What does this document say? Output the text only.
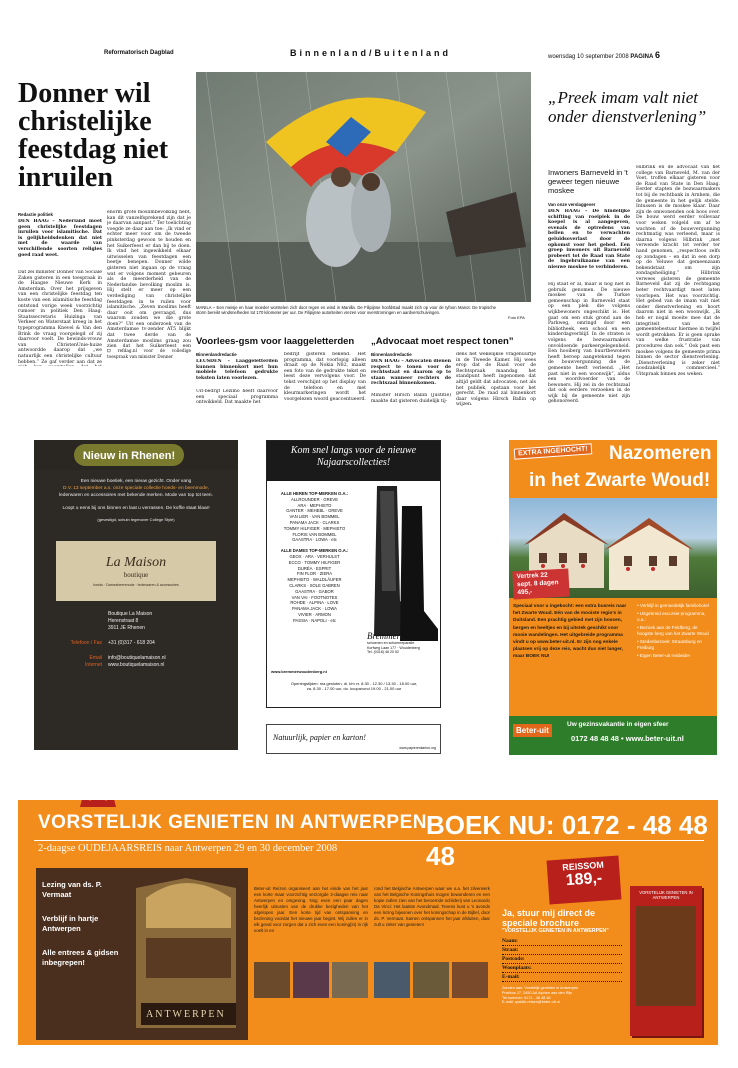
Reformatorisch Dagblad	Binnenland/Buitenland	woensdag 10 september 2008 PAGINA 6
Donner wil christelijke feestdag niet inruilen
Redactie politiek
DEN HAAG – Nederland moet geen christelijke feestdagen inruilen voor islamitische. Dat is gelijkheidsdenken dat niet met de waarde van verschillende soorten religies goed raad weet.
Dat zei minister Donner van Sociale Zaken gisteren in een toespraak in de Haagse Nieuwe Kerk in Amsterdam. Over het prijsgeven van een christelijke feestdag ten koste van een islamitische feestdag ontstond vorige week voorzichtig rumoer in politiek Den Haag. Staatssecretaris Huizinga van Verkeer en Waterstaat kreeg in het typeprogramma Knevel & Van den Brink de vraag voorgelegd of zij daarvoor voelt. De bewinds-vrouw van ChristenUnie-huize antwoordde daarop dat „we natuurlijk een christelijke cultuur hebben.” Ze gaf verder aan dat ze
enorm grote moslimbevolking hebt, kan dit vanzelfsprekend zijn dat je je daarvan aanpast.” Ter toelichting voegde ze daar aan toe: „Ik vind er echter meer voor om de tweede pinksterdag gewoon te houden en het Suikerfeest er dan bij te doen. Ik vind het ingewikkeld elkaar uitwisselen van feestdagen een beetje benepen. Donner wilde gisteren niet ingaan op de vraag wat er volgens moment gebeuren als de meerderheid van de Nederlandse bevolking moslim is. Hij stelt er meer op een verdediging van christelijke feestdagen in te ruilen voor islamitische. „Zeven moslims heeft daar ooit om gevraagd, dus waarom zouden we die grote doen?” Uit een onderzoek van de Amsterdamse tv-zender AT5 blijkt dat twee derde van de Amsterdamse moslims graag zou zien dat het Suikerfeest een
☐ refdag.nl voor de volledige toespraak van minister Donner
MANILA – Een meisje en haar moeder worstelen zich door regen en wind in Manilla. De Filipijnse hoofdstad maakt zich op voor de tyfoon Manot. De tropische storm bereikt windsnelheden tot 170 kilometer per uur. De Filipijnse autoriteiten vrezen voor overstromingen en aardverschuivingen.
Foto EPA
Voorlees-gsm voor laaggeletterden
Binnenlandredactie
LEUSDEN – Laaggeletterden kunnen binnenkort met hun mobiele telefoon gedrukte teksten laten voorlezen.
Uit-bedrijf Lezimo heeft daarvoor een speciaal programma ontwikkeld. Dat maakte het
bedrijf gisteren bekend. Het programma, dat voorlopig alleen draait op de Nokia N82, maakt een foto van de gedrukte tekst en leest deze vervolgens voor. De tekst verschijnt op het display van de telefoon en met kleurmarkeringen wordt het voorgelezen woord geaccentueerd.
„Advocaat moet respect tonen”
Binnenlandredactie
DEN HAAG – Advocaten dienen respect te tonen voor de rechtsstaat en daarom op te staan wanneer rechters de rechtszaal binnenkomen.
Minister Hirsch Ballin (Justitie) maakte dat gisteren duidelijk tij-
dens het wekelijkse vragenuurtje in de Tweede Kamer. Hij wees erop dat de Raad voor de Rechtspraak maandag het standpunt heeft ingenomen dat altijd geldt dat advocaten, net als het publiek, opstaan voor het gerecht. De raad zal binnenkort daar volgens Hirsch Ballin op wijzen.
„Preek imam valt niet onder dienstverlening”
Inwoners Barneveld in 't geweer tegen nieuwe moskee
Van onze verslaggever
DEN HAAG – De hindelijke schifting van roeipiek in de koepel is al aangegeven, evenals de optredens van bellen en te verwachten geluidsoverlast door de opkomst voor het gebed. Een groep inwoners uit Barneveld probeert tot de Raad van State de ingebruikname van een nieuwe moskee te verhinderen.
Hij staat er al, maar is nog niet in gebruik genomen. De nieuwe moskee van de Turkse gemeenschap in Barneveld staat op een plek die volgens wijkbewoners ongeschikt is. Het gaat om een stuk grond aan de Parkweg, omringd door een bibliotheek, een school en een kinderdagverblijf. In de straten is volgens de bezwaarmakers onvoldoende parkeergelegenheid. Een hooiberg van buurtbewoners heeft beroep aangetekend tegen de bouwvergunning die de gemeente heeft verleend. „Het past niet in een woonwijk”, aldus een woordvoerder van de bewoners. Hij zei in de rechtszaal dat ook eerdere verzoeken in de wijk bij de gemeente niet zijn gehonoreerd.
Hilbrink en de advocaat van het college van Barneveld, M. van der Voet, troffen elkaar gisteren voor de Raad van State in Den Haag. Eerder stapten de bezwaarmakers tot bij de rechtbank in Arnhem, die de gemeente in het gelijk stelde. Intussen is de moskee klaar. Daar zijn de omwonenden ook boos over. De bouw werd eerder vollevaar voor weken volgeld om af te wachten of de bouwvergunning rechtmatig was verleend, maar is daarna volgens Hilbrink „met verwende kracht tot verder ter hand genomen, „respectloos zelfs op zondagen – en dat in een dorp op de Veluwe dat gemeenzaam bekendstaat om zijn zondagsheiliging.” Hilbrink verwees gisteren de gemeente Barneveld dat zij de rechtsgang beter rechtvaardigt moet laten voorlopen. Het was voorzichtig. Het gebed van de imam valt niet onder dienstverlening en hoort daarom niet in een woonwijk. „Ik heb er nogal moeite mee dat de integriteit van het gemeentebestuur hiermee in twijfel wordt getrokken. Er is geen sprake van welke frustratie van procedures dan ook.” Ook past een moskee volgens de gemeente prima binnen de sector dienstverlening. „Dienstverlening is zeker niet noodzakelijk commercieel.” Uitspraak binnen zes weken.
Nieuw in Rhenen!
Een nieuwe boetiek, een nieuw gezicht. Onder vang
D.V. 13 september a.s. onze speciale collectie hoeds- en beenmode,
lederwaren en accessoires met bekende merken. Mode van top tot teen.
Loopt u eens bij ons binnen en laat u verrassen. De koffie staat klaar!
(gevestigd, schuin tegenover College Style)
La Maison
boutique
hoeds · Damesbeenmode · lederwaren & accessoires
Boutique La Maison
Herenstraat 8
3911 JE Rhenen
Telefoon / Fax +31 (0)317 - 618 204
Email info@boutiquelamaison.nl
Internet www.boutiquelamaison.nl
Kom snel langs voor de nieuwe Najaarscollecties!
ALLE HEREN TOP-MERKEN O.A.:
ALLROUNDER · GREVE
ARA · MEPHISTO
GANTER · MEHEBL · GREVE
VAN LIER · VAN BOMMEL
PANAMA JACK · CLARKS
TOMMY HILFIGER · MEPHISTO
FLORIS VAN BOMMEL
GAASTRA · LOWA · etc
ALLE DAMES TOP-MERKEN O.A.:
GEOX · ARA · VERHULST
ECCO · TOMMY HILFIGER
DURÉA · ESPRIT
FIN FLOR · ZIERA
MEPHISTO · WALDLÄUFER
CLARKS · SOLE GABREN
GAASTRA · GABOR
VAN VAI · FOOTNOTES
ROHDE · ALPINA · LOVE
PANAMA JACK · LOWA
VIVIER · ARMON
PASSIA · NAPOLI · etc
Bremmer
schoenen en schoenreparatie
Korfweg Laan 177 · Woudenberg
Tel. (0318) 46 20 52
www.bremmerwoudenberg.nl
Openingstijden: ma gesloten, di. t/m vr. 8.30 - 12.30 / 13.30 - 18.00 uur,
za. 8.30 - 17.00 uur, do. koopavond 19.00 - 21.00 uur
Natuurlijk, papier en karton!
www.papierenkarton.org
EXTRA INGEHOCHT! Nazomeren
in het Zwarte Woud!
Vertrek 22 sept. 8 dagen 495,-
Speciaal voor u ingekocht: een extra busreis naar het Zwarte Woud. Eén van de mooiste regio's in Duitsland. Een prachtig gebied met zijn bossen, bergen en heeltjes en bij uitstek geschikt voor mooie wandelingen. Het uitgebreide programma vindt u op www.beter-uit.nl. Er zijn nog enkele plaatsen vrij op deze reis, wacht dus niet langer, maar BOEK NU!
• Verblijf in gemoedelijk familiehotel
• Uitgebreid excursie-programma, o.a.:
• Bezoek aan de Feldberg, de hoogste berg van het Zwarte Woud
• Stedenbezoek: Straatsburg en Freiburg
• Eigen Beter-uit reisleider
Beter-uit
Uw gezinsvakantie in eigen sfeer
0172 48 48 48 • www.beter-uit.nl
VORSTELIJK GENIETEN IN ANTWERPEN BOEK NU: 0172 - 48 48 48
2-daagse OUDEJAARSREIS naar Antwerpen 29 en 30 december 2008
REISSOM
189,-
Lezing van ds. P. Vermaat
Verblijf in hartje Antwerpen
Alle entrees & gidsen inbegrepen!
ANTWERPEN
Beter-uit Reizen organiseert aan het einde van het jaar een korte maar voorzichtig verzorgde 2-daagse reis naar Antwerpen en omgeving. Nog even een paar dagen heerlijk uitrusten van de drukke bezigheden van het afgelopen jaar. Een korte tijd van ontspanning en bezinning voordat het nieuwe jaar begint. Wij zullen er in elk geval voor zorgen dat u zich even een koning(in) in rijk voelt in en
rond het Belgische Antwerpen waar we o.a. het zilverwerk van het Belgische Koningshuis mogen bewonderen en een kopie zullen zien van het beroemde schilderij van Leonardo Da Vinci: Het laatste Avondmaal. Tevens kunt u 's avonds een lezing bijwonen over het koningschap in de Bijbel, door ds. P. Vermaat. Samen ontspannen het jaar afsluiten, daar zult u zeker van genieten!
Ja, stuur mij direct de speciale brochure
"VORSTELIJK GENIETEN IN ANTWERPEN"
Naam:
Straat:
Postcode:
Woonplaats:
E-mail:
Zenden aan: Vorstelijk genieten in Antwerpen
Postbus 27, 2450 AA Alphen aan den Rijn
Tel.nummer: 0172 - 48 48 48
E-mail: rpaktib-reisen@beter-uit.nl
VORSTELIJK GENIETEN IN ANTWERPEN
